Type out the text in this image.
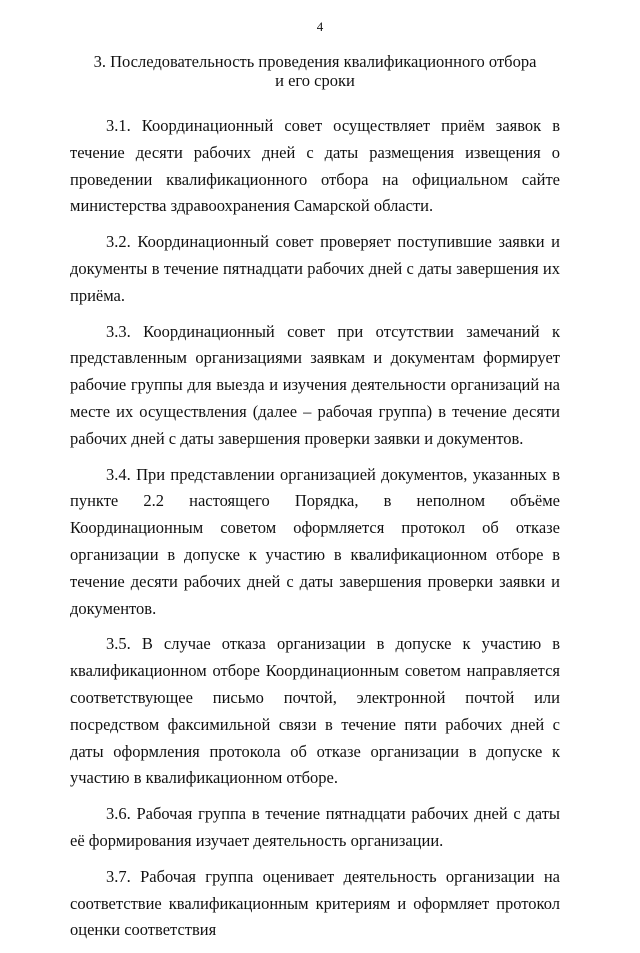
4
3. Последовательность проведения квалификационного отбора
и его сроки

3.1. Координационный совет осуществляет приём заявок в течение десяти рабочих дней с даты размещения извещения о проведении квалификационного отбора на официальном сайте министерства здравоохранения Самарской области.

3.2. Координационный совет проверяет поступившие заявки и документы в течение пятнадцати рабочих дней с даты завершения их приёма.

3.3. Координационный совет при отсутствии замечаний к представленным организациями заявкам и документам формирует рабочие группы для выезда и изучения деятельности организаций на месте их осуществления (далее – рабочая группа) в течение десяти рабочих дней с даты завершения проверки заявки и документов.

3.4. При представлении организацией документов, указанных в пункте 2.2 настоящего Порядка, в неполном объёме Координационным советом оформляется протокол об отказе организации в допуске к участию в квалификационном отборе в течение десяти рабочих дней с даты завершения проверки заявки и документов.

3.5. В случае отказа организации в допуске к участию в квалификационном отборе Координационным советом направляется соответствующее письмо почтой, электронной почтой или посредством факсимильной связи в течение пяти рабочих дней с даты оформления протокола об отказе организации в допуске к участию в квалификационном отборе.

3.6. Рабочая группа в течение пятнадцати рабочих дней с даты её формирования изучает деятельность организации.

3.7. Рабочая группа оценивает деятельность организации на соответствие квалификационным критериям и оформляет протокол оценки соответствия
